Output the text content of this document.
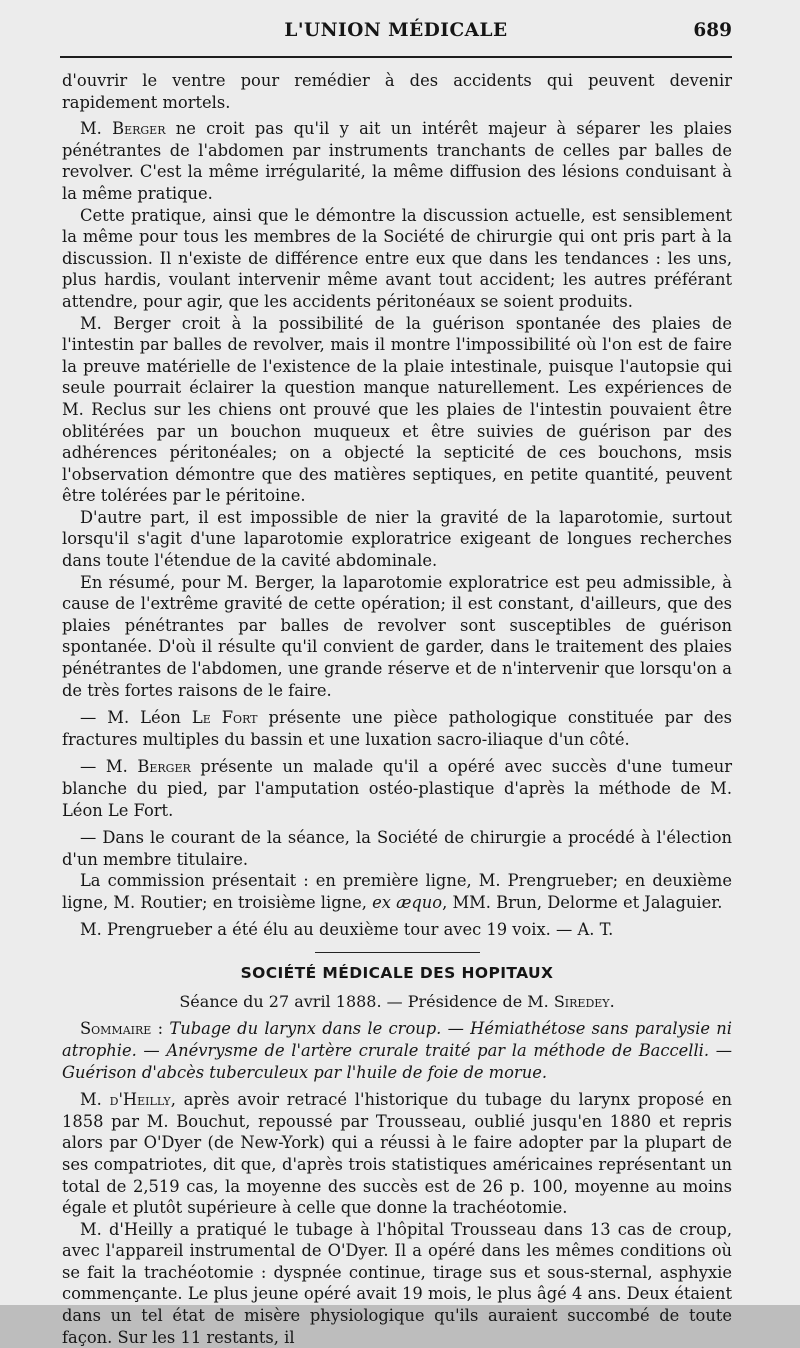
L'UNION MÉDICALE	689

d'ouvrir le ventre pour remédier à des accidents qui peuvent devenir rapidement mortels.

M. Berger ne croit pas qu'il y ait un intérêt majeur à séparer les plaies pénétrantes de l'abdomen par instruments tranchants de celles par balles de revolver. C'est la même irrégularité, la même diffusion des lésions conduisant à la même pratique.

Cette pratique, ainsi que le démontre la discussion actuelle, est sensiblement la même pour tous les membres de la Société de chirurgie qui ont pris part à la discussion. Il n'existe de différence entre eux que dans les tendances : les uns, plus hardis, voulant intervenir même avant tout accident; les autres préférant attendre, pour agir, que les accidents péritonéaux se soient produits.

M. Berger croit à la possibilité de la guérison spontanée des plaies de l'intestin par balles de revolver, mais il montre l'impossibilité où l'on est de faire la preuve matérielle de l'existence de la plaie intestinale, puisque l'autopsie qui seule pourrait éclairer la question manque naturellement. Les expériences de M. Reclus sur les chiens ont prouvé que les plaies de l'intestin pouvaient être oblitérées par un bouchon muqueux et être suivies de guérison par des adhérences péritonéales; on a objecté la septicité de ces bouchons, msis l'observation démontre que des matières septiques, en petite quantité, peuvent être tolérées par le péritoine.

D'autre part, il est impossible de nier la gravité de la laparotomie, surtout lorsqu'il s'agit d'une laparotomie exploratrice exigeant de longues recherches dans toute l'étendue de la cavité abdominale.

En résumé, pour M. Berger, la laparotomie exploratrice est peu admissible, à cause de l'extrême gravité de cette opération; il est constant, d'ailleurs, que des plaies pénétrantes par balles de revolver sont susceptibles de guérison spontanée. D'où il résulte qu'il convient de garder, dans le traitement des plaies pénétrantes de l'abdomen, une grande réserve et de n'intervenir que lorsqu'on a de très fortes raisons de le faire.

— M. Léon Le Fort présente une pièce pathologique constituée par des fractures multiples du bassin et une luxation sacro-iliaque d'un côté.

— M. Berger présente un malade qu'il a opéré avec succès d'une tumeur blanche du pied, par l'amputation ostéo-plastique d'après la méthode de M. Léon Le Fort.

— Dans le courant de la séance, la Société de chirurgie a procédé à l'élection d'un membre titulaire.

La commission présentait : en première ligne, M. Prengrueber; en deuxième ligne, M. Routier; en troisième ligne, ex æquo, MM. Brun, Delorme et Jalaguier.

M. Prengrueber a été élu au deuxième tour avec 19 voix. — A. T.

SOCIÉTÉ MÉDICALE DES HOPITAUX
Séance du 27 avril 1888. — Présidence de M. Siredey.

Sommaire : Tubage du larynx dans le croup. — Hémiathétose sans paralysie ni atrophie. — Anévrysme de l'artère crurale traité par la méthode de Baccelli. — Guérison d'abcès tuberculeux par l'huile de foie de morue.

M. d'Heilly, après avoir retracé l'historique du tubage du larynx proposé en 1858 par M. Bouchut, repoussé par Trousseau, oublié jusqu'en 1880 et repris alors par O'Dyer (de New-York) qui a réussi à le faire adopter par la plupart de ses compatriotes, dit que, d'après trois statistiques américaines représentant un total de 2,519 cas, la moyenne des succès est de 26 p. 100, moyenne au moins égale et plutôt supérieure à celle que donne la trachéotomie.

M. d'Heilly a pratiqué le tubage à l'hôpital Trousseau dans 13 cas de croup, avec l'appareil instrumental de O'Dyer. Il a opéré dans les mêmes conditions où se fait la trachéotomie : dyspnée continue, tirage sus et sous-sternal, asphyxie commençante. Le plus jeune opéré avait 19 mois, le plus âgé 4 ans. Deux étaient dans un tel état de misère physiologique qu'ils auraient succombé de toute façon. Sur les 11 restants, il
